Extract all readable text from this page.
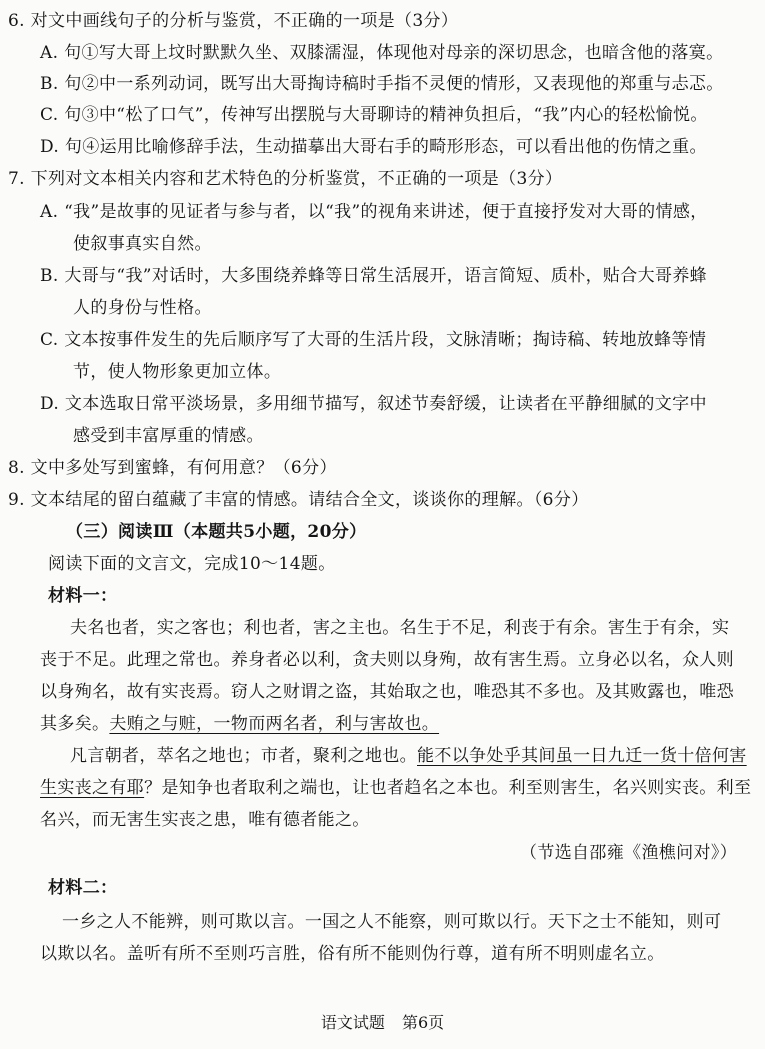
6. 对文中画线句子的分析与鉴赏，不正确的一项是（3分）
A. 句①写大哥上坟时默默久坐、双膝濡湿，体现他对母亲的深切思念，也暗含他的落寞。
B. 句②中一系列动词，既写出大哥掏诗稿时手指不灵便的情形，又表现他的郑重与忐忑。
C. 句③中“松了口气”，传神写出摆脱与大哥聊诗的精神负担后，“我”内心的轻松愉悦。
D. 句④运用比喻修辞手法，生动描摹出大哥右手的畸形形态，可以看出他的伤情之重。
7. 下列对文本相关内容和艺术特色的分析鉴赏，不正确的一项是（3分）
A. “我”是故事的见证者与参与者，以“我”的视角来讲述，便于直接抒发对大哥的情感，
使叙事真实自然。
B. 大哥与“我”对话时，大多围绕养蜂等日常生活展开，语言简短、质朴，贴合大哥养蜂
人的身份与性格。
C. 文本按事件发生的先后顺序写了大哥的生活片段，文脉清晰；掏诗稿、转地放蜂等情
节，使人物形象更加立体。
D. 文本选取日常平淡场景，多用细节描写，叙述节奏舒缓，让读者在平静细腻的文字中
感受到丰富厚重的情感。
8. 文中多处写到蜜蜂，有何用意？（6分）
9. 文本结尾的留白蕴藏了丰富的情感。请结合全文，谈谈你的理解。（6分）
（三）阅读Ⅲ（本题共5小题，20分）
阅读下面的文言文，完成10～14题。
材料一：
夫名也者，实之客也；利也者，害之主也。名生于不足，利丧于有余。害生于有余，实
丧于不足。此理之常也。养身者必以利，贪夫则以身殉，故有害生焉。立身必以名，众人则
以身殉名，故有实丧焉。窃人之财谓之盗，其始取之也，唯恐其不多也。及其败露也，唯恐
其多矣。夫贿之与赃，一物而两名者，利与害故也。
凡言朝者，萃名之地也；市者，聚利之地也。能不以争处乎其间虽一日九迁一货十倍何害
生实丧之有耶？是知争也者取利之端也，让也者趋名之本也。利至则害生，名兴则实丧。利至
名兴，而无害生实丧之患，唯有德者能之。
（节选自邵雍《渔樵问对》）
材料二：
一乡之人不能辨，则可欺以言。一国之人不能察，则可欺以行。天下之士不能知，则可
以欺以名。盖听有所不至则巧言胜，俗有所不能则伪行尊，道有所不明则虚名立。
语文试题 第6页
